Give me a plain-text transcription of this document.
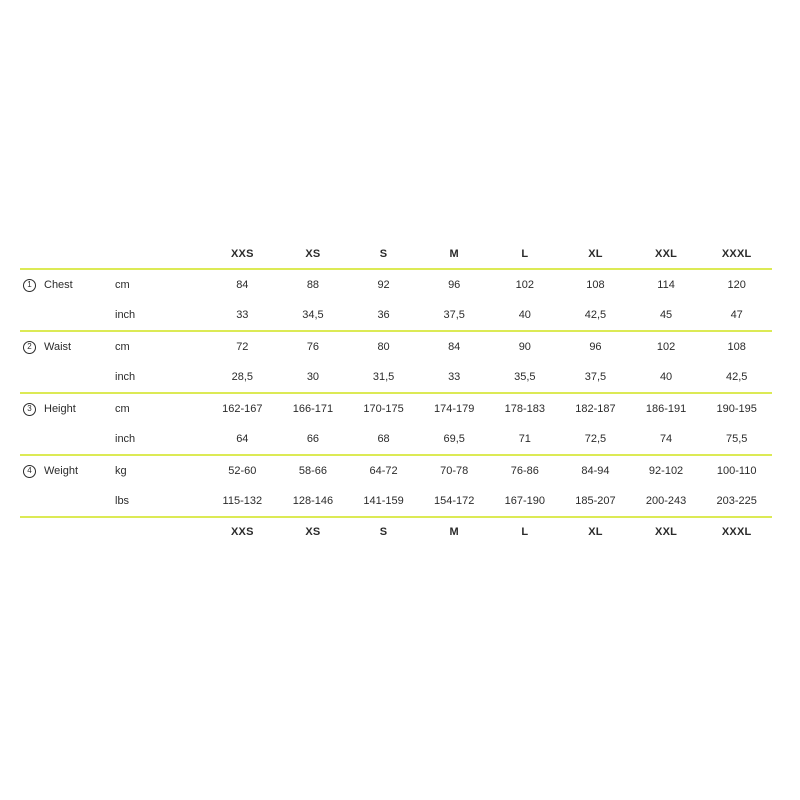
XXS	XS	S	M	L	XL	XXL	XXXL
1	Chest	cm	84	88	92	96	102	108	114	120
inch	33	34,5	36	37,5	40	42,5	45	47
2	Waist	cm	72	76	80	84	90	96	102	108
inch	28,5	30	31,5	33	35,5	37,5	40	42,5
3	Height	cm	162-167	166-171	170-175	174-179	178-183	182-187	186-191	190-195
inch	64	66	68	69,5	71	72,5	74	75,5
4	Weight	kg	52-60	58-66	64-72	70-78	76-86	84-94	92-102	100-110
lbs	115-132	128-146	141-159	154-172	167-190	185-207	200-243	203-225
XXS	XS	S	M	L	XL	XXL	XXXL
